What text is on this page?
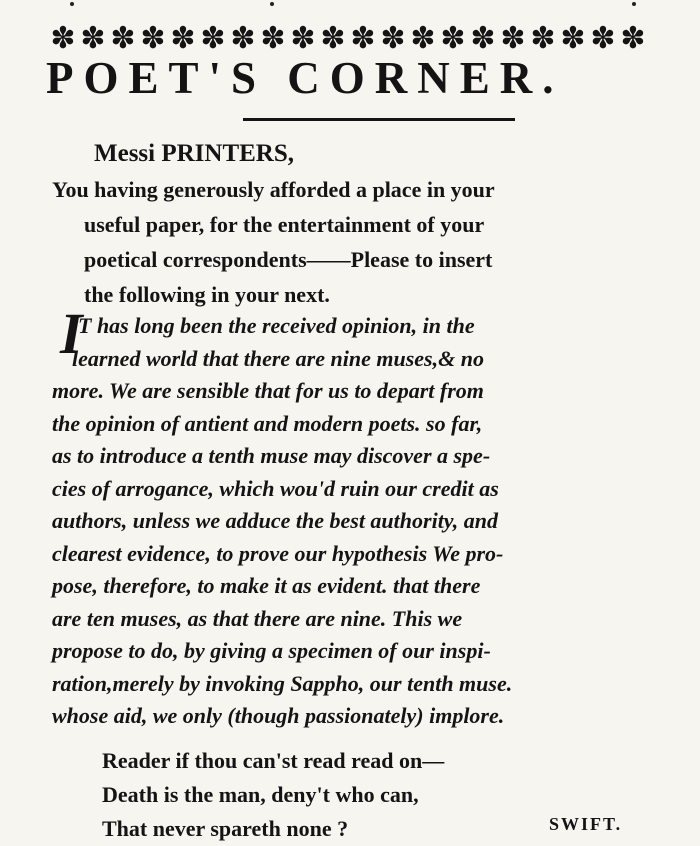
✽ ✽ ✽ ✽ ✽ ✽ ✽ ✽ ✽ ✽ ✽ ✽ ✽ ✽ ✽ ✽ ✽ ✽ ✽ ✽
POET'S CORNER.
Messi PRINTERS,
You having generously afforded a place in your
useful paper, for the entertainment of your
poetical correspondents——Please to insert
the following in your next.
I
T has long been the received opinion, in the
learned world that there are nine muses,& no
more. We are sensible that for us to depart from
the opinion of antient and modern poets. so far,
as to introduce a tenth muse may discover a spe-
cies of arrogance, which wou'd ruin our credit as
authors, unless we adduce the best authority, and
clearest evidence, to prove our hypothesis We pro-
pose, therefore, to make it as evident. that there
are ten muses, as that there are nine. This we
propose to do, by giving a specimen of our inspi-
ration,merely by invoking Sappho, our tenth muse.
whose aid, we only (though passionately) implore.
Reader if thou can'st read read on—
Death is the man, deny't who can,
That never spareth none ?	SWIFT.
